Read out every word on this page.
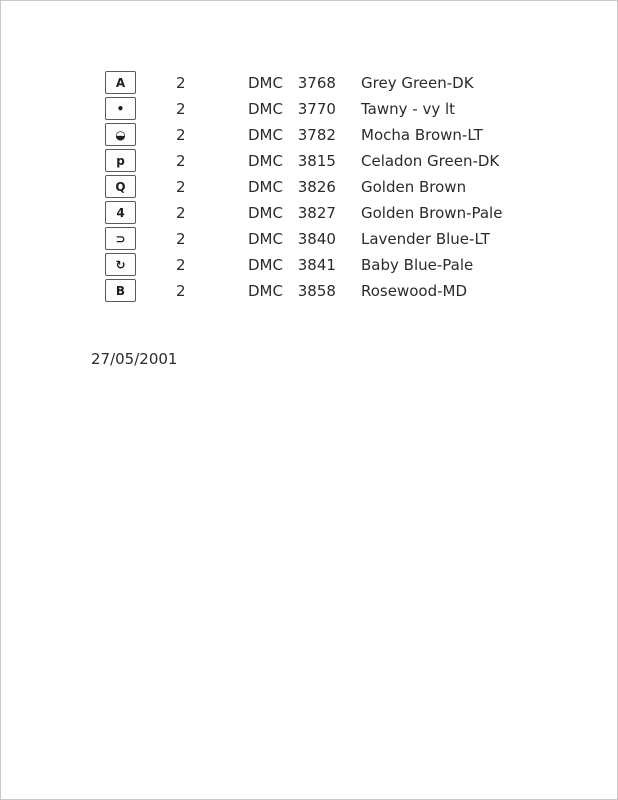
A	2	DMC 3768 Grey Green-DK
•	2	DMC 3770 Tawny - vy lt
◒	2	DMC 3782 Mocha Brown-LT
p	2	DMC 3815 Celadon Green-DK
Q	2	DMC 3826 Golden Brown
4	2	DMC 3827 Golden Brown-Pale
⊃	2	DMC 3840 Lavender Blue-LT
↻	2	DMC 3841 Baby Blue-Pale
B	2	DMC 3858 Rosewood-MD
27/05/2001
